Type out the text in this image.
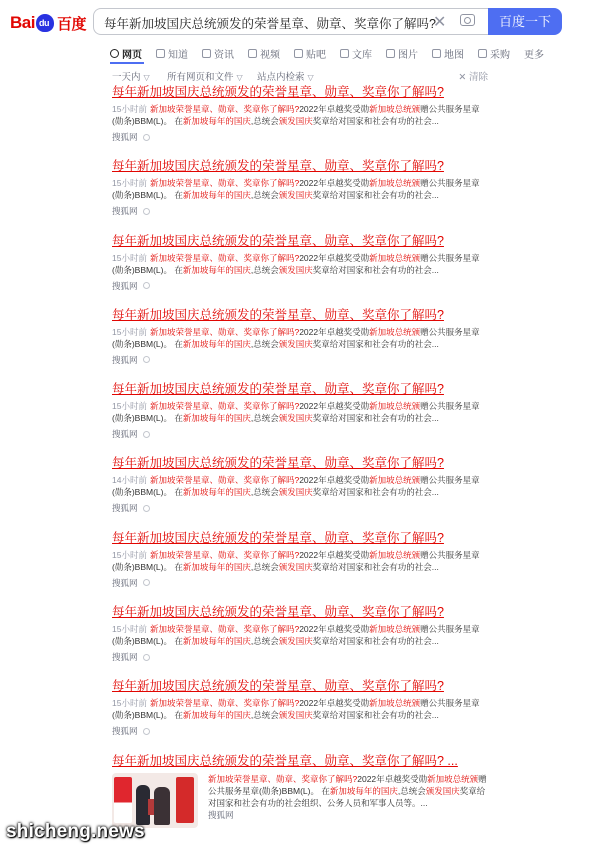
Bai du 百度 每年新加坡国庆总统颁发的荣誉星章、勋章、奖章你了解吗?
✕	百度一下
网页	知道	资讯	视频	贴吧	文库	图片	地图	采购 更多
一天内 ▽ 所有网页和文件 ▽ 站点内检索 ▽	✕ 清除
每年新加坡国庆总统颁发的荣誉星章、勋章、奖章你了解吗?
15小时前 新加坡荣誉星章、勋章、奖章你了解吗?2022年卓越奖受勋新加坡总统颁赠公共服务星章(勋条)BBM(L)。 在新加坡每年的国庆,总统会颁发国庆奖章给对国家和社会有功的社会...
搜狐网
每年新加坡国庆总统颁发的荣誉星章、勋章、奖章你了解吗?
15小时前 新加坡荣誉星章、勋章、奖章你了解吗?2022年卓越奖受勋新加坡总统颁赠公共服务星章(勋条)BBM(L)。 在新加坡每年的国庆,总统会颁发国庆奖章给对国家和社会有功的社会...
搜狐网
每年新加坡国庆总统颁发的荣誉星章、勋章、奖章你了解吗?
15小时前 新加坡荣誉星章、勋章、奖章你了解吗?2022年卓越奖受勋新加坡总统颁赠公共服务星章(勋条)BBM(L)。 在新加坡每年的国庆,总统会颁发国庆奖章给对国家和社会有功的社会...
搜狐网
每年新加坡国庆总统颁发的荣誉星章、勋章、奖章你了解吗?
15小时前 新加坡荣誉星章、勋章、奖章你了解吗?2022年卓越奖受勋新加坡总统颁赠公共服务星章(勋条)BBM(L)。 在新加坡每年的国庆,总统会颁发国庆奖章给对国家和社会有功的社会...
搜狐网
每年新加坡国庆总统颁发的荣誉星章、勋章、奖章你了解吗?
15小时前 新加坡荣誉星章、勋章、奖章你了解吗?2022年卓越奖受勋新加坡总统颁赠公共服务星章(勋条)BBM(L)。 在新加坡每年的国庆,总统会颁发国庆奖章给对国家和社会有功的社会...
搜狐网
每年新加坡国庆总统颁发的荣誉星章、勋章、奖章你了解吗?
14小时前 新加坡荣誉星章、勋章、奖章你了解吗?2022年卓越奖受勋新加坡总统颁赠公共服务星章(勋条)BBM(L)。 在新加坡每年的国庆,总统会颁发国庆奖章给对国家和社会有功的社会...
搜狐网
每年新加坡国庆总统颁发的荣誉星章、勋章、奖章你了解吗?
15小时前 新加坡荣誉星章、勋章、奖章你了解吗?2022年卓越奖受勋新加坡总统颁赠公共服务星章(勋条)BBM(L)。 在新加坡每年的国庆,总统会颁发国庆奖章给对国家和社会有功的社会...
搜狐网
每年新加坡国庆总统颁发的荣誉星章、勋章、奖章你了解吗?
15小时前 新加坡荣誉星章、勋章、奖章你了解吗?2022年卓越奖受勋新加坡总统颁赠公共服务星章(勋条)BBM(L)。 在新加坡每年的国庆,总统会颁发国庆奖章给对国家和社会有功的社会...
搜狐网
每年新加坡国庆总统颁发的荣誉星章、勋章、奖章你了解吗?
15小时前 新加坡荣誉星章、勋章、奖章你了解吗?2022年卓越奖受勋新加坡总统颁赠公共服务星章(勋条)BBM(L)。 在新加坡每年的国庆,总统会颁发国庆奖章给对国家和社会有功的社会...
搜狐网
每年新加坡国庆总统颁发的荣誉星章、勋章、奖章你了解吗? ...
新加坡荣誉星章、勋章、奖章你了解吗?2022年卓越奖受勋新加坡总统颁赠公共服务星章(勋条)BBM(L)。 在新加坡每年的国庆,总统会颁发国庆奖章给对国家和社会有功的社会组织、公务人员和军事人员等。...
搜狐网
shicheng.news
